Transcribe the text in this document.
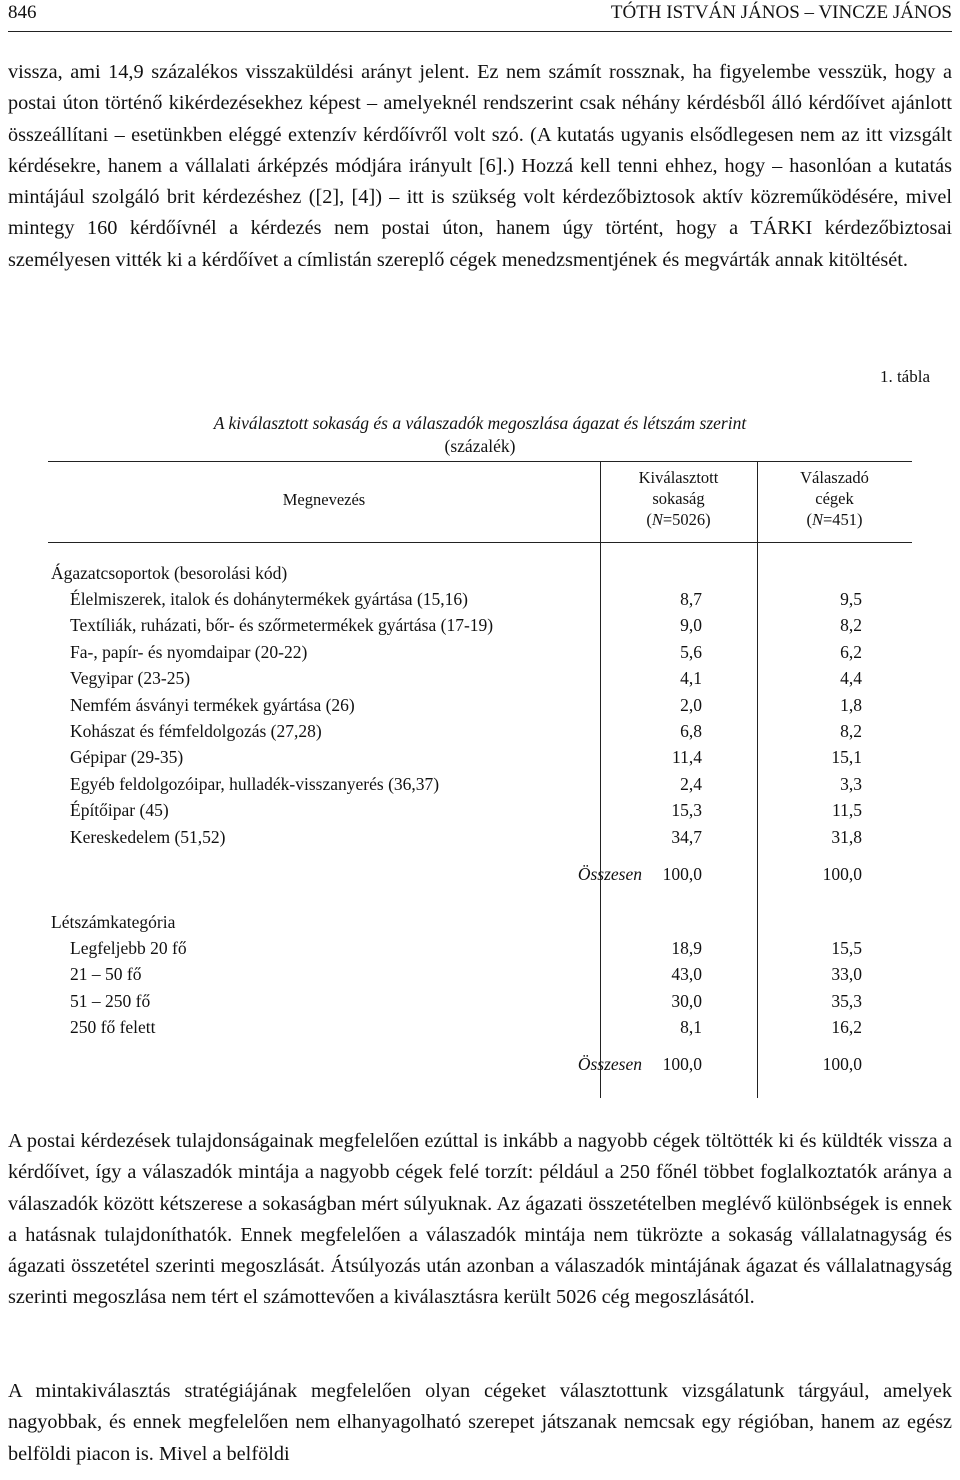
846	TÓTH ISTVÁN JÁNOS – VINCZE JÁNOS

vissza, ami 14,9 százalékos visszaküldési arányt jelent. Ez nem számít rossznak, ha figyelembe vesszük, hogy a postai úton történő kikérdezésekhez képest – amelyeknél rendszerint csak néhány kérdésből álló kérdőívet ajánlott összeállítani – esetünkben eléggé extenzív kérdőívről volt szó. (A kutatás ugyanis elsődlegesen nem az itt vizsgált kérdésekre, hanem a vállalati árképzés módjára irányult [6].) Hozzá kell tenni ehhez, hogy – hasonlóan a kutatás mintájául szolgáló brit kérdezéshez ([2], [4]) – itt is szükség volt kérdezőbiztosok aktív közreműködésére, mivel mintegy 160 kérdőívnél a kérdezés nem postai úton, hanem úgy történt, hogy a TÁRKI kérdezőbiztosai személyesen vitték ki a kérdőívet a címlistán szereplő cégek menedzsmentjének és megvárták annak kitöltését.

1. tábla
A kiválasztott sokaság és a válaszadók megoszlása ágazat és létszám szerint
(százalék)
Megnevezés
Kiválasztott
sokaság
(N=5026)
Válaszadó
cégek
(N=451)
Ágazatcsoportok (besorolási kód)
Élelmiszerek, italok és dohánytermékek gyártása (15,16)	8,7	9,5
Textíliák, ruházati, bőr- és szőrmetermékek gyártása (17-19)	9,0	8,2
Fa-, papír- és nyomdaipar (20-22)	5,6	6,2
Vegyipar (23-25)	4,1	4,4
Nemfém ásványi termékek gyártása (26)	2,0	1,8
Kohászat és fémfeldolgozás (27,28)	6,8	8,2
Gépipar (29-35)	11,4	15,1
Egyéb feldolgozóipar, hulladék-visszanyerés (36,37)	2,4	3,3
Építőipar (45)	15,3	11,5
Kereskedelem (51,52)	34,7	31,8
Összesen 100,0	100,0
Létszámkategória
Legfeljebb 20 fő	18,9	15,5
21 – 50 fő	43,0	33,0
51 – 250 fő	30,0	35,3
250 fő felett	8,1	16,2
Összesen 100,0	100,0

A postai kérdezések tulajdonságainak megfelelően ezúttal is inkább a nagyobb cégek töltötték ki és küldték vissza a kérdőívet, így a válaszadók mintája a nagyobb cégek felé torzít: például a 250 főnél többet foglalkoztatók aránya a válaszadók között kétszerese a sokaságban mért súlyuknak. Az ágazati összetételben meglévő különbségek is ennek a hatásnak tulajdoníthatók. Ennek megfelelően a válaszadók mintája nem tükrözte a sokaság vállalatnagyság és ágazati összetétel szerinti megoszlását. Átsúlyozás után azonban a válaszadók mintájának ágazat és vállalatnagyság szerinti megoszlása nem tért el számottevően a kiválasztásra került 5026 cég megoszlásától.

A mintakiválasztás stratégiájának megfelelően olyan cégeket választottunk vizsgálatunk tárgyául, amelyek nagyobbak, és ennek megfelelően nem elhanyagolható szerepet játszanak nemcsak egy régióban, hanem az egész belföldi piacon is. Mivel a belföldi
